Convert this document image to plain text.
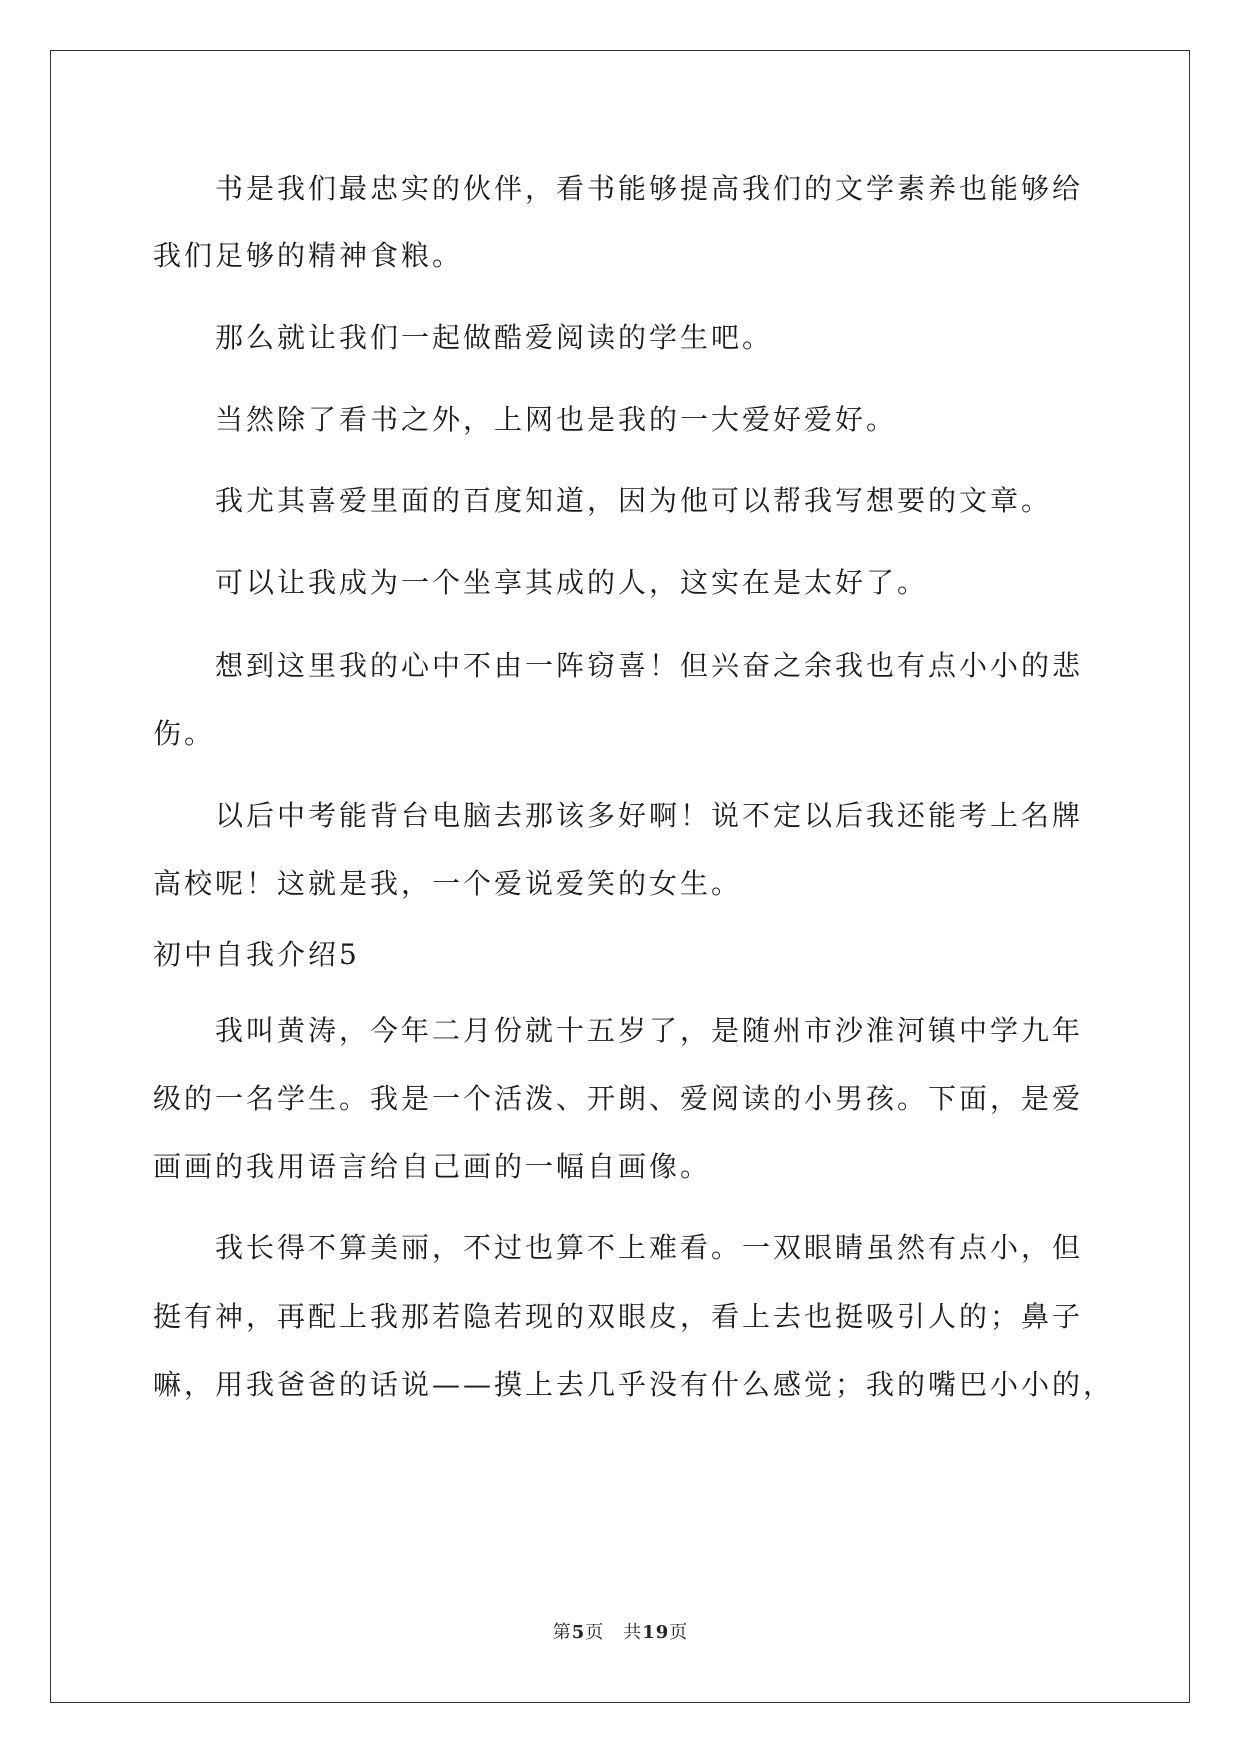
书是我们最忠实的伙伴，看书能够提高我们的文学素养也能够给
我们足够的精神食粮。
那么就让我们一起做酷爱阅读的学生吧。
当然除了看书之外，上网也是我的一大爱好爱好。
我尤其喜爱里面的百度知道，因为他可以帮我写想要的文章。
可以让我成为一个坐享其成的人，这实在是太好了。
想到这里我的心中不由一阵窃喜！但兴奋之余我也有点小小的悲
伤。
以后中考能背台电脑去那该多好啊！说不定以后我还能考上名牌
高校呢！这就是我，一个爱说爱笑的女生。
初中自我介绍5
我叫黄涛，今年二月份就十五岁了，是随州市沙淮河镇中学九年
级的一名学生。我是一个活泼、开朗、爱阅读的小男孩。下面，是爱
画画的我用语言给自己画的一幅自画像。
我长得不算美丽，不过也算不上难看。一双眼睛虽然有点小，但
挺有神，再配上我那若隐若现的双眼皮，看上去也挺吸引人的；鼻子
嘛，用我爸爸的话说——摸上去几乎没有什么感觉；我的嘴巴小小的，
第5页　共19页
